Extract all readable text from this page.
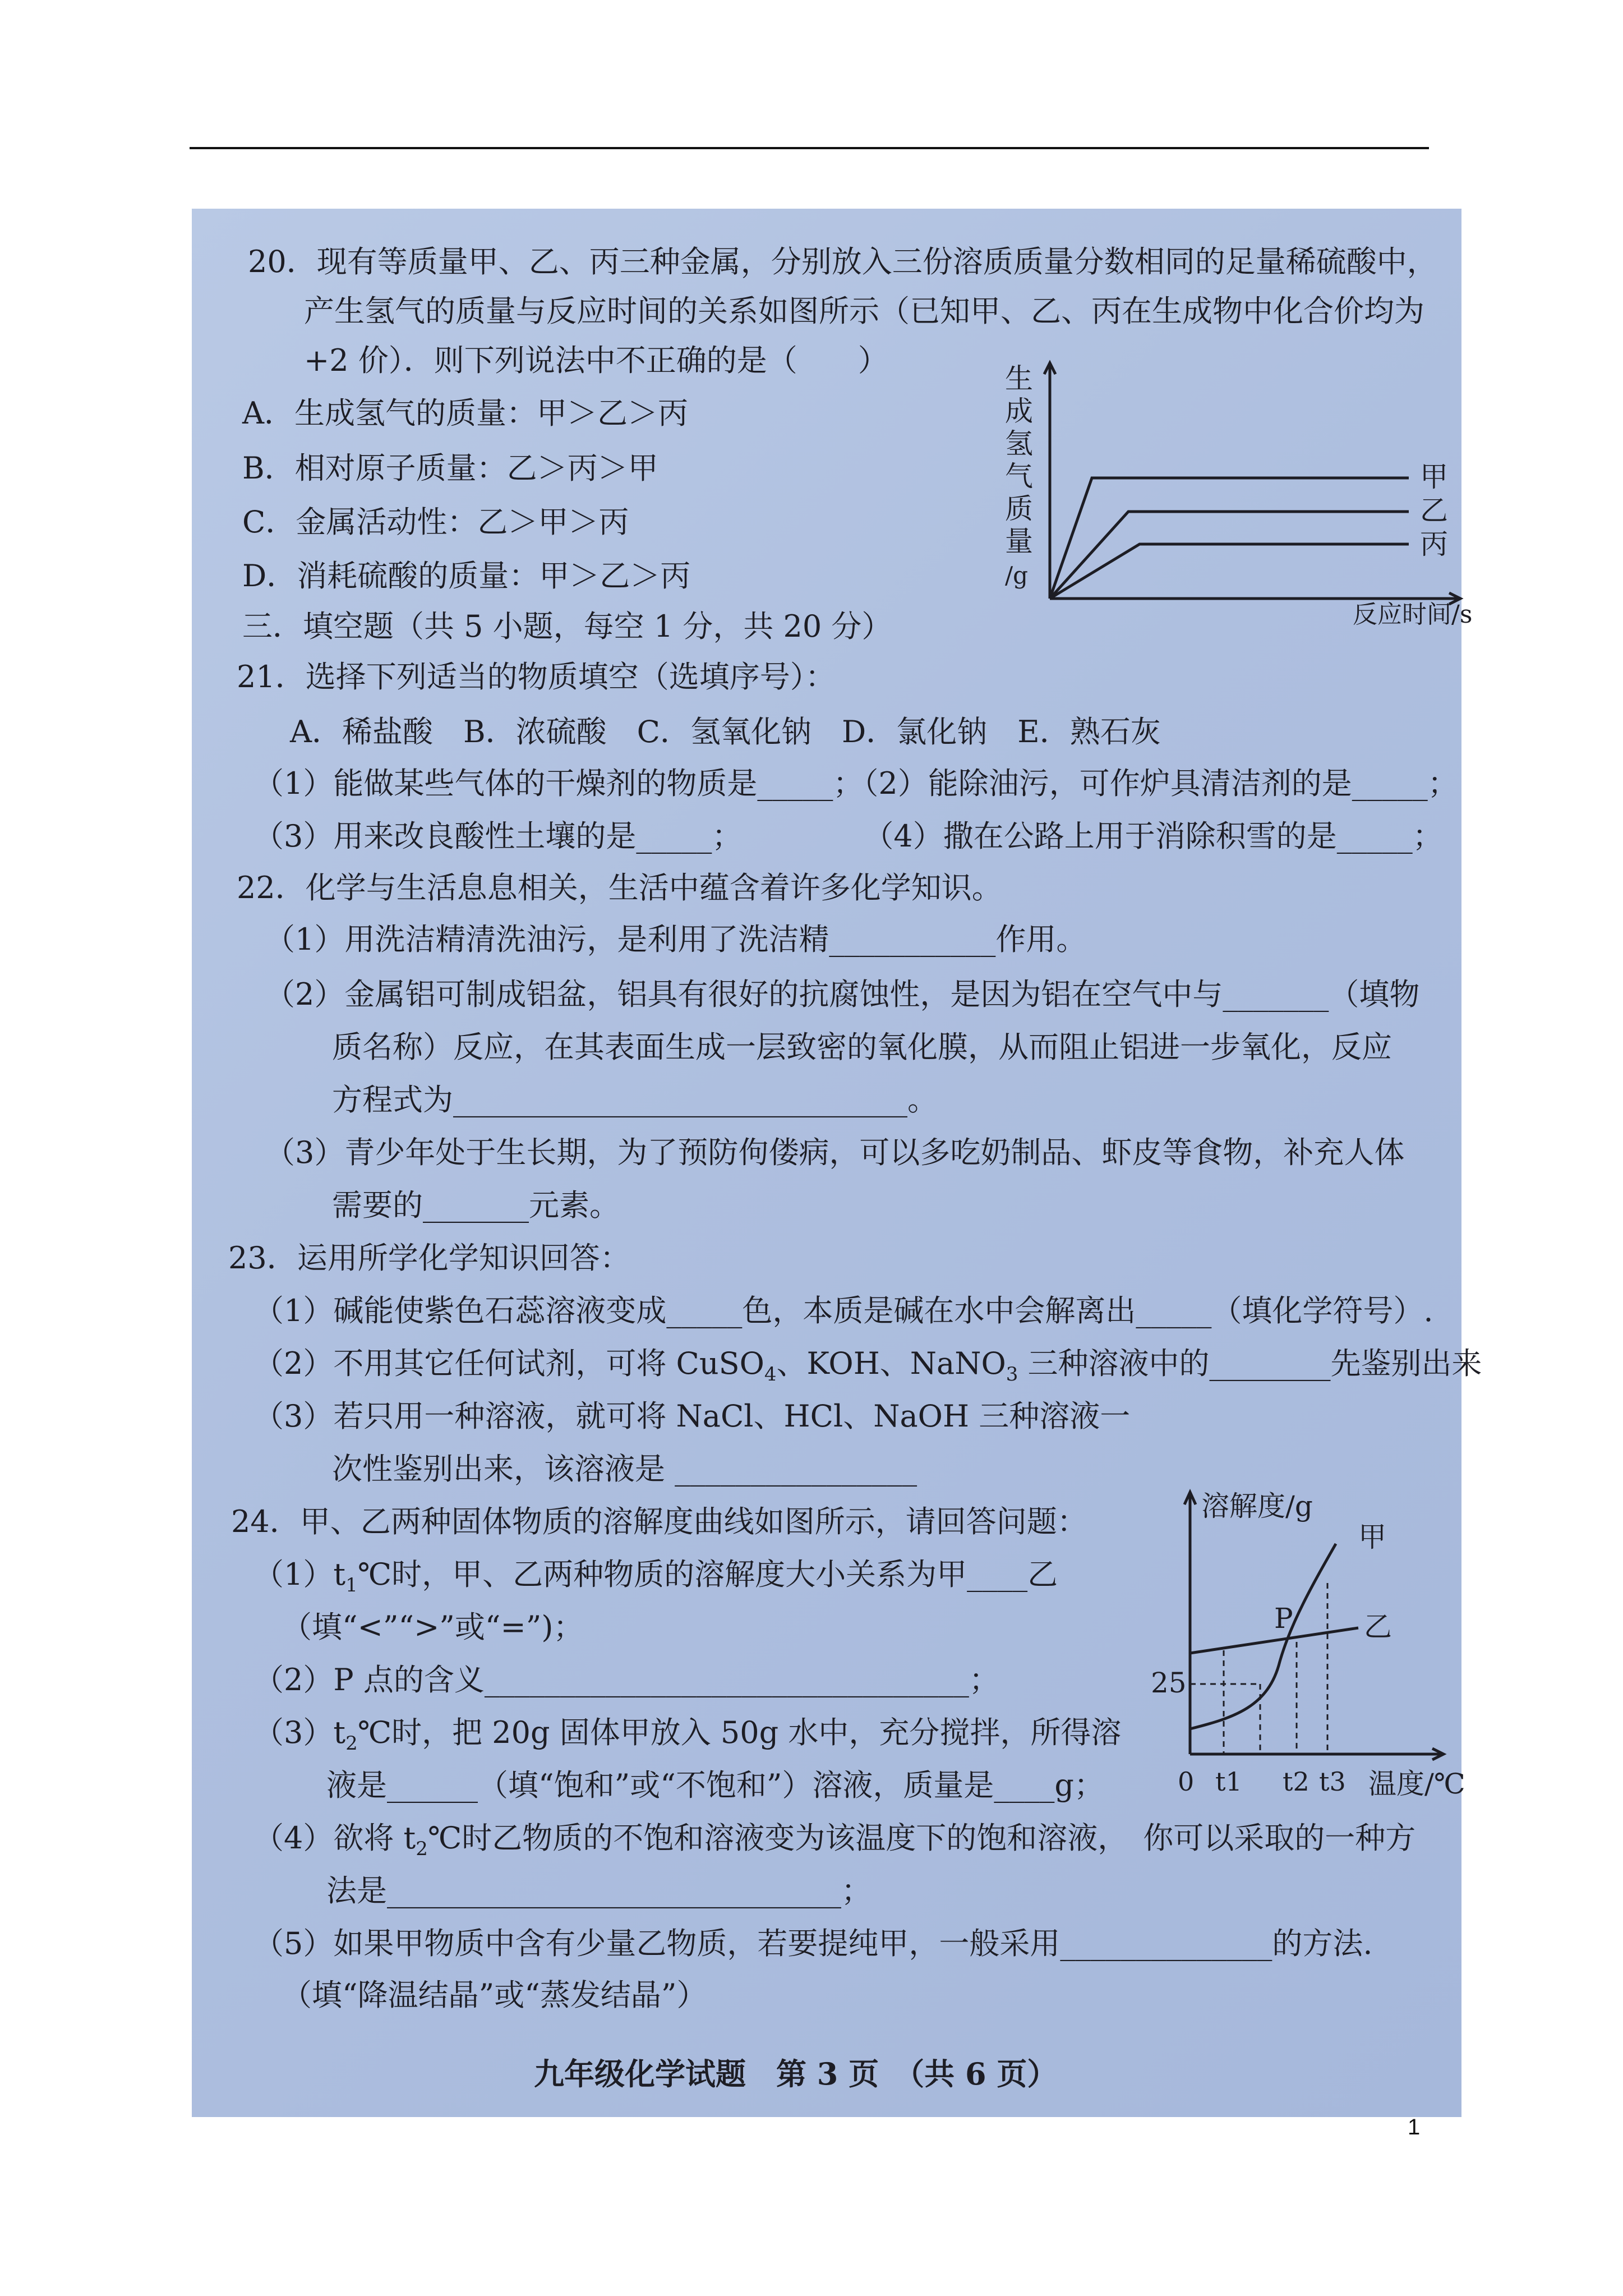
20．现有等质量甲、乙、丙三种金属，分别放入三份溶质质量分数相同的足量稀硫酸中，
产生氢气的质量与反应时间的关系如图所示（已知甲、乙、丙在生成物中化合价均为
+2 价）．则下列说法中不正确的是（　　）
A．生成氢气的质量：甲＞乙＞丙
B．相对原子质量：乙＞丙＞甲
C．金属活动性：乙＞甲＞丙
D．消耗硫酸的质量：甲＞乙＞丙
生
成
氢
气
质
量
/g
甲
乙
丙
反应时间/s
三．填空题（共 5 小题，每空 1 分，共 20 分）
21．选择下列适当的物质填空（选填序号）：
A．稀盐酸　B．浓硫酸　C．氢氧化钠　D．氯化钠　E．熟石灰
（1）能做某些气体的干燥剂的物质是_____；（2）能除油污，可作炉具清洁剂的是_____；
（3）用来改良酸性土壤的是_____；　　　　　（4）撒在公路上用于消除积雪的是_____；
22．化学与生活息息相关，生活中蕴含着许多化学知识。
（1）用洗洁精清洗油污，是利用了洗洁精___________作用。
（2）金属铝可制成铝盆，铝具有很好的抗腐蚀性，是因为铝在空气中与_______（填物
质名称）反应，在其表面生成一层致密的氧化膜，从而阻止铝进一步氧化，反应
方程式为______________________________。
（3）青少年处于生长期，为了预防佝偻病，可以多吃奶制品、虾皮等食物，补充人体
需要的_______元素。
23．运用所学化学知识回答：
（1）碱能使紫色石蕊溶液变成_____色，本质是碱在水中会解离出_____（填化学符号）.
（2）不用其它任何试剂，可将 CuSO$_4$、KOH、NaNO$_3$ 三种溶液中的________先鉴别出来
（3）若只用一种溶液，就可将 NaCl、HCl、NaOH 三种溶液一
次性鉴别出来，该溶液是 ________________
24．甲、乙两种固体物质的溶解度曲线如图所示，请回答问题：
$(1)t_1℃$时，甲、乙两种物质的溶解度大小关系为甲____乙
（填“<”“>”或“=”)；
（2）P 点的含义________________________________；
$(3)t_2℃$时，把 20g 固体甲放入 50g 水中，充分搅拌，所得溶
液是______（填“饱和”或“不饱和”）溶液，质量是____g；
（4）欲将 $t_2℃$时乙物质的不饱和溶液变为该温度下的饱和溶液，　你可以采取的一种方
法是______________________________；
（5）如果甲物质中含有少量乙物质，若要提纯甲，一般采用______________的方法.
（填“降温结晶”或“蒸发结晶”）
溶解度/g
甲
乙
P
25
温度/℃
0 t1 t2 t3
九年级化学试题　第 3 页　（共 6 页）
1
